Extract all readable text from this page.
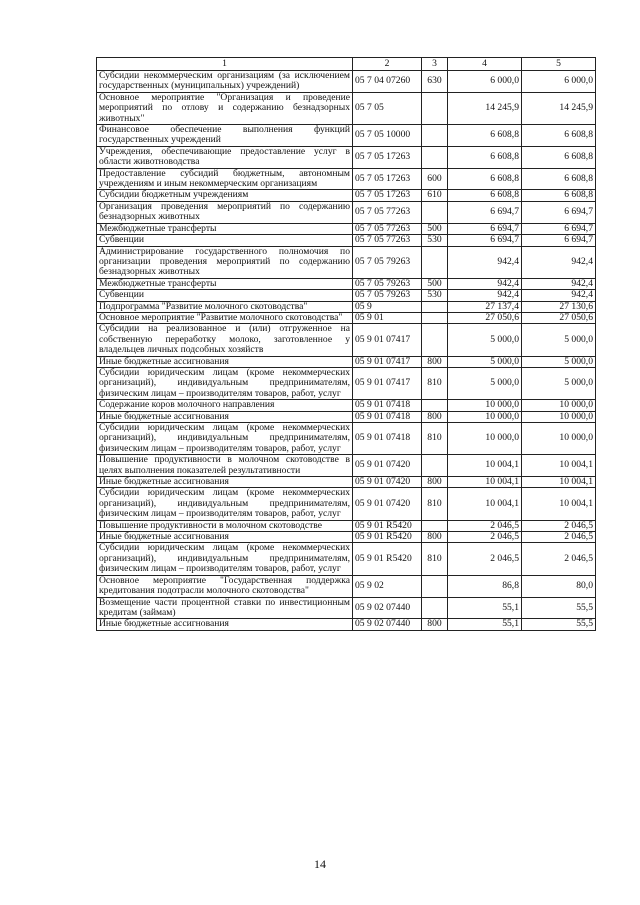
1	2	3	4	5
Субсидии некоммерческим организациям (за исключением государственных (муниципальных) учреждений)	05 7 04 07260	630	6 000,0	6 000,0
Основное мероприятие "Организация и проведение мероприятий по отлову и содержанию безнадзорных животных"	05 7 05		14 245,9	14 245,9
Финансовое обеспечение выполнения функций государственных учреждений	05 7 05 10000		6 608,8	6 608,8
Учреждения, обеспечивающие предоставление услуг в области животноводства	05 7 05 17263		6 608,8	6 608,8
Предоставление субсидий бюджетным, автономным учреждениям и иным некоммерческим организациям	05 7 05 17263	600	6 608,8	6 608,8
Субсидии бюджетным учреждениям	05 7 05 17263	610	6 608,8	6 608,8
Организация проведения мероприятий по содержанию безнадзорных животных	05 7 05 77263		6 694,7	6 694,7
Межбюджетные трансферты	05 7 05 77263	500	6 694,7	6 694,7
Субвенции	05 7 05 77263	530	6 694,7	6 694,7
Администрирование государственного полномочия по организации проведения мероприятий по содержанию безнадзорных животных	05 7 05 79263		942,4	942,4
Межбюджетные трансферты	05 7 05 79263	500	942,4	942,4
Субвенции	05 7 05 79263	530	942,4	942,4
Подпрограмма "Развитие молочного скотоводства"	05 9		27 137,4	27 130,6
Основное мероприятие "Развитие молочного скотоводства"	05 9 01		27 050,6	27 050,6
Субсидии на реализованное и (или) отгруженное на собственную переработку молоко, заготовленное у владельцев личных подсобных хозяйств	05 9 01 07417		5 000,0	5 000,0
Иные бюджетные ассигнования	05 9 01 07417	800	5 000,0	5 000,0
Субсидии юридическим лицам (кроме некоммерческих организаций), индивидуальным предпринимателям, физическим лицам – производителям товаров, работ, услуг	05 9 01 07417	810	5 000,0	5 000,0
Содержание коров молочного направления	05 9 01 07418		10 000,0	10 000,0
Иные бюджетные ассигнования	05 9 01 07418	800	10 000,0	10 000,0
Субсидии юридическим лицам (кроме некоммерческих организаций), индивидуальным предпринимателям, физическим лицам – производителям товаров, работ, услуг	05 9 01 07418	810	10 000,0	10 000,0
Повышение продуктивности в молочном скотоводстве в целях выполнения показателей результативности	05 9 01 07420		10 004,1	10 004,1
Иные бюджетные ассигнования	05 9 01 07420	800	10 004,1	10 004,1
Субсидии юридическим лицам (кроме некоммерческих организаций), индивидуальным предпринимателям, физическим лицам – производителям товаров, работ, услуг	05 9 01 07420	810	10 004,1	10 004,1
Повышение продуктивности в молочном скотоводстве	05 9 01 R5420		2 046,5	2 046,5
Иные бюджетные ассигнования	05 9 01 R5420	800	2 046,5	2 046,5
Субсидии юридическим лицам (кроме некоммерческих организаций), индивидуальным предпринимателям, физическим лицам – производителям товаров, работ, услуг	05 9 01 R5420	810	2 046,5	2 046,5
Основное мероприятие "Государственная поддержка кредитования подотрасли молочного скотоводства"	05 9 02		86,8	80,0
Возмещение части процентной ставки по инвестиционным кредитам (займам)	05 9 02 07440		55,1	55,5
Иные бюджетные ассигнования	05 9 02 07440	800	55,1	55,5
14
